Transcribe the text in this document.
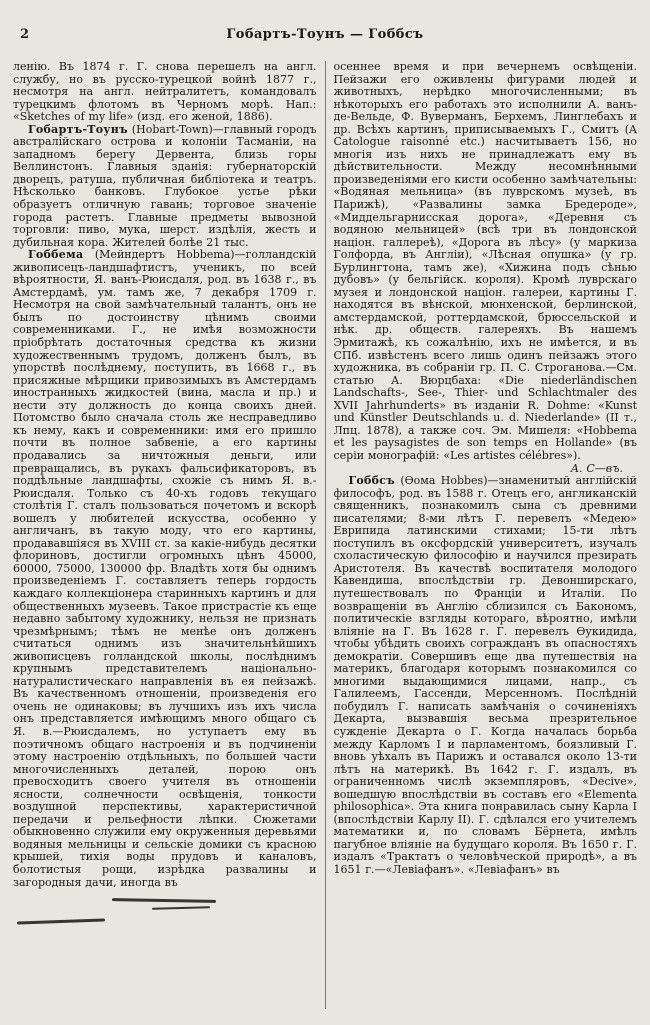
2	Гобартъ-Тоунъ — Гоббсъ

ленію. Въ 1874 г. Г. снова перешелъ на англ. службу, но въ русско-турецкой войнѣ 1877 г., несмотря на англ. нейтралитетъ, командовалъ турецкимъ флотомъ въ Черномъ морѣ. Нап.: «Sketches of my life» (изд. его женой, 1886).

Гобартъ-Тоунъ (Hobart-Town)—главный городъ австралійскаго острова и колоніи Тасманіи, на западномъ берегу Дервента, близь горы Веллинстонъ. Главныя зданія: губернаторскій дворецъ, ратуша, публичная библіотека и театръ. Нѣсколько банковъ. Глубокое устье рѣки образуетъ отличную гавань; торговое значеніе города растетъ. Главные предметы вывозной торговли: пиво, мука, шерст. издѣлія, жесть и дубильная кора. Жителей болѣе 21 тыс.

Гоббема (Мейндертъ Hobbema)—голландскій живописецъ-ландшафтистъ, ученикъ, по всей вѣроятности, Я. ванъ-Рюисдаля, род. въ 1638 г., въ Амстердамѣ, ум. тамъ же, 7 декабря 1709 г. Несмотря на свой замѣчательный талантъ, онъ не былъ по достоинству цѣнимъ своими современниками. Г., не имѣя возможности пріобрѣтать достаточныя средства къ жизни художественнымъ трудомъ, долженъ былъ, въ упорствѣ послѣднему, поступить, въ 1668 г., въ присяжные мѣрщики привозимыхъ въ Амстердамъ иностранныхъ жидкостей (вина, масла и пр.) и нести эту должность до конца своихъ дней. Потомство было сначала столь же несправедливо къ нему, какъ и современники: имя его пришло почти въ полное забвеніе, а его картины продавались за ничтожныя деньги, или превращались, въ рукахъ фальсификаторовъ, въ поддѣльные ландшафты, схожіе съ нимъ Я. в.-Рюисдаля. Только съ 40-хъ годовъ текущаго столѣтія Г. сталъ пользоваться почетомъ и вскорѣ вошелъ у любителей искусства, особенно у англичанъ, въ такую моду, что его картины, продававшіяся въ XVIII ст. за какіе-нибудь десятки флориновъ, достигли огромныхъ цѣнъ 45000, 60000, 75000, 130000 фр. Владѣть хотя бы однимъ произведеніемъ Г. составляетъ теперь гордость каждаго коллекціонера старинныхъ картинъ и для общественныхъ музеевъ. Такое пристрастіе къ еще недавно забытому художнику, нельзя не признать чрезмѣрнымъ; тѣмъ не менѣе онъ долженъ считаться однимъ изъ значительнѣйшихъ живописцевъ голландской школы, послѣднимъ крупнымъ представителемъ національно-натуралистическаго направленія въ ея пейзажѣ. Въ качественномъ отношеніи, произведенія его очень не одинаковы; въ лучшихъ изъ ихъ числа онъ представляется имѣющимъ много общаго съ Я. в.—Рюисдалемъ, но уступаетъ ему въ поэтичномъ общаго настроенія и въ подчиненіи этому настроенію отдѣльныхъ, по большей части многочисленныхъ деталей, порою онъ превосходитъ своего учителя въ отношеніи ясности, солнечности освѣщенія, тонкости воздушной перспективы, характеристичной передачи и рельефности лѣпки. Сюжетами обыкновенно служили ему окруженныя деревьями водяныя мельницы и сельскіе домики съ красною крышей, тихія воды прудовъ и каналовъ, болотистыя рощи, изрѣдка развалины и загородныя дачи, иногда въ

осеннее время и при вечернемъ освѣщеніи. Пейзажи его оживлены фигурами людей и животныхъ, нерѣдко многочисленными; въ нѣкоторыхъ его работахъ это исполнили А. ванъ-де-Вельде, Ф. Вуверманъ, Берхемъ, Линглебахъ и др. Всѣхъ картинъ, приписываемыхъ Г., Смитъ (A Catologue raisonné etc.) насчитываетъ 156, но многія изъ нихъ не принадлежатъ ему въ дѣйствительности. Между несомнѣнными произведеніями его кисти особенно замѣчательны: «Водяная мельница» (въ луврскомъ музеѣ, въ Парижѣ), «Развалины замка Бредероде», «Миддельгарнисская дорога», «Деревня съ водяною мельницей» (всѣ три въ лондонской націон. галлереѣ), «Дорога въ лѣсу» (у маркиза Голфорда, въ Англіи), «Лѣсная опушка» (у гр. Бурлингтона, тамъ же), «Хижина подъ сѣнью дубовъ» (у бельгійск. короля). Кромѣ луврскаго музея и лондонской націон. галереи, картины Г. находятся въ вѣнской, мюнхенской, берлинской, амстердамской, роттердамской, брюссельской и нѣк. др. обществ. галереяхъ. Въ нашемъ Эрмитажѣ, къ сожалѣнію, ихъ не имѣется, и въ СПб. извѣстенъ всего лишь одинъ пейзажъ этого художника, въ собраніи гр. П. С. Строганова.—См. статью А. Вюрцбаха: «Die niederländischen Landschafts-, See-, Thier- und Schlachtmaler des XVII Jahrhunderts» въ изданіи R. Dohme: «Kunst und Künstler Deutschlands u. d. Niederlande» (II т., Лпц. 1878), а также соч. Эм. Мишеля: «Hobbema et les paysagistes de son temps en Hollande» (въ серіи монографій: «Les artistes célébres»).

А. С—въ.

Гоббсъ (Ѳома Hobbes)—знаменитый англійскій философъ, род. въ 1588 г. Отецъ его, англиканскій священникъ, познакомилъ сына съ древними писателями; 8-ми лѣтъ Г. перевелъ «Медею» Еврипида латинскими стихами; 15-ти лѣтъ поступилъ въ оксфордскій университетъ, изучалъ схоластическую философію и научился презирать Аристотеля. Въ качествѣ воспитателя молодого Кавендиша, впослѣдствіи гр. Девонширскаго, путешествовалъ по Франціи и Италіи. По возвращеніи въ Англію сблизился съ Бакономъ, политическіе взгляды котораго, вѣроятно, имѣли вліяніе на Г. Въ 1628 г. Г. перевелъ Ѳукидида, чтобы убѣдить своихъ согражданъ въ опасностяхъ демократіи. Совершивъ еще два путешествія на материкъ, благодаря которымъ познакомился со многими выдающимися лицами, напр., съ Галилеемъ, Гассенди, Мерсенномъ. Послѣдній побудилъ Г. написать замѣчанія о сочиненіяхъ Декарта, вызвавшія весьма презрительное сужденіе Декарта о Г. Когда началась борьба между Карломъ I и парламентомъ, боязливый Г. вновь уѣхалъ въ Парижъ и оставался около 13-ти лѣтъ на материкѣ. Въ 1642 г. Г. издалъ, въ ограниченномъ числѣ экземпляровъ, «Decive», вошедшую впослѣдствіи въ составъ его «Elementa philosophica». Эта книга понравилась сыну Карла I (впослѣдствіи Карлу II). Г. сдѣлался его учителемъ математики и, по словамъ Бёрнета, имѣлъ пагубное вліяніе на будущаго короля. Въ 1650 г. Г. издалъ «Трактатъ о человѣческой природѣ», а въ 1651 г.—«Левіафанъ». «Левіафанъ» въ
